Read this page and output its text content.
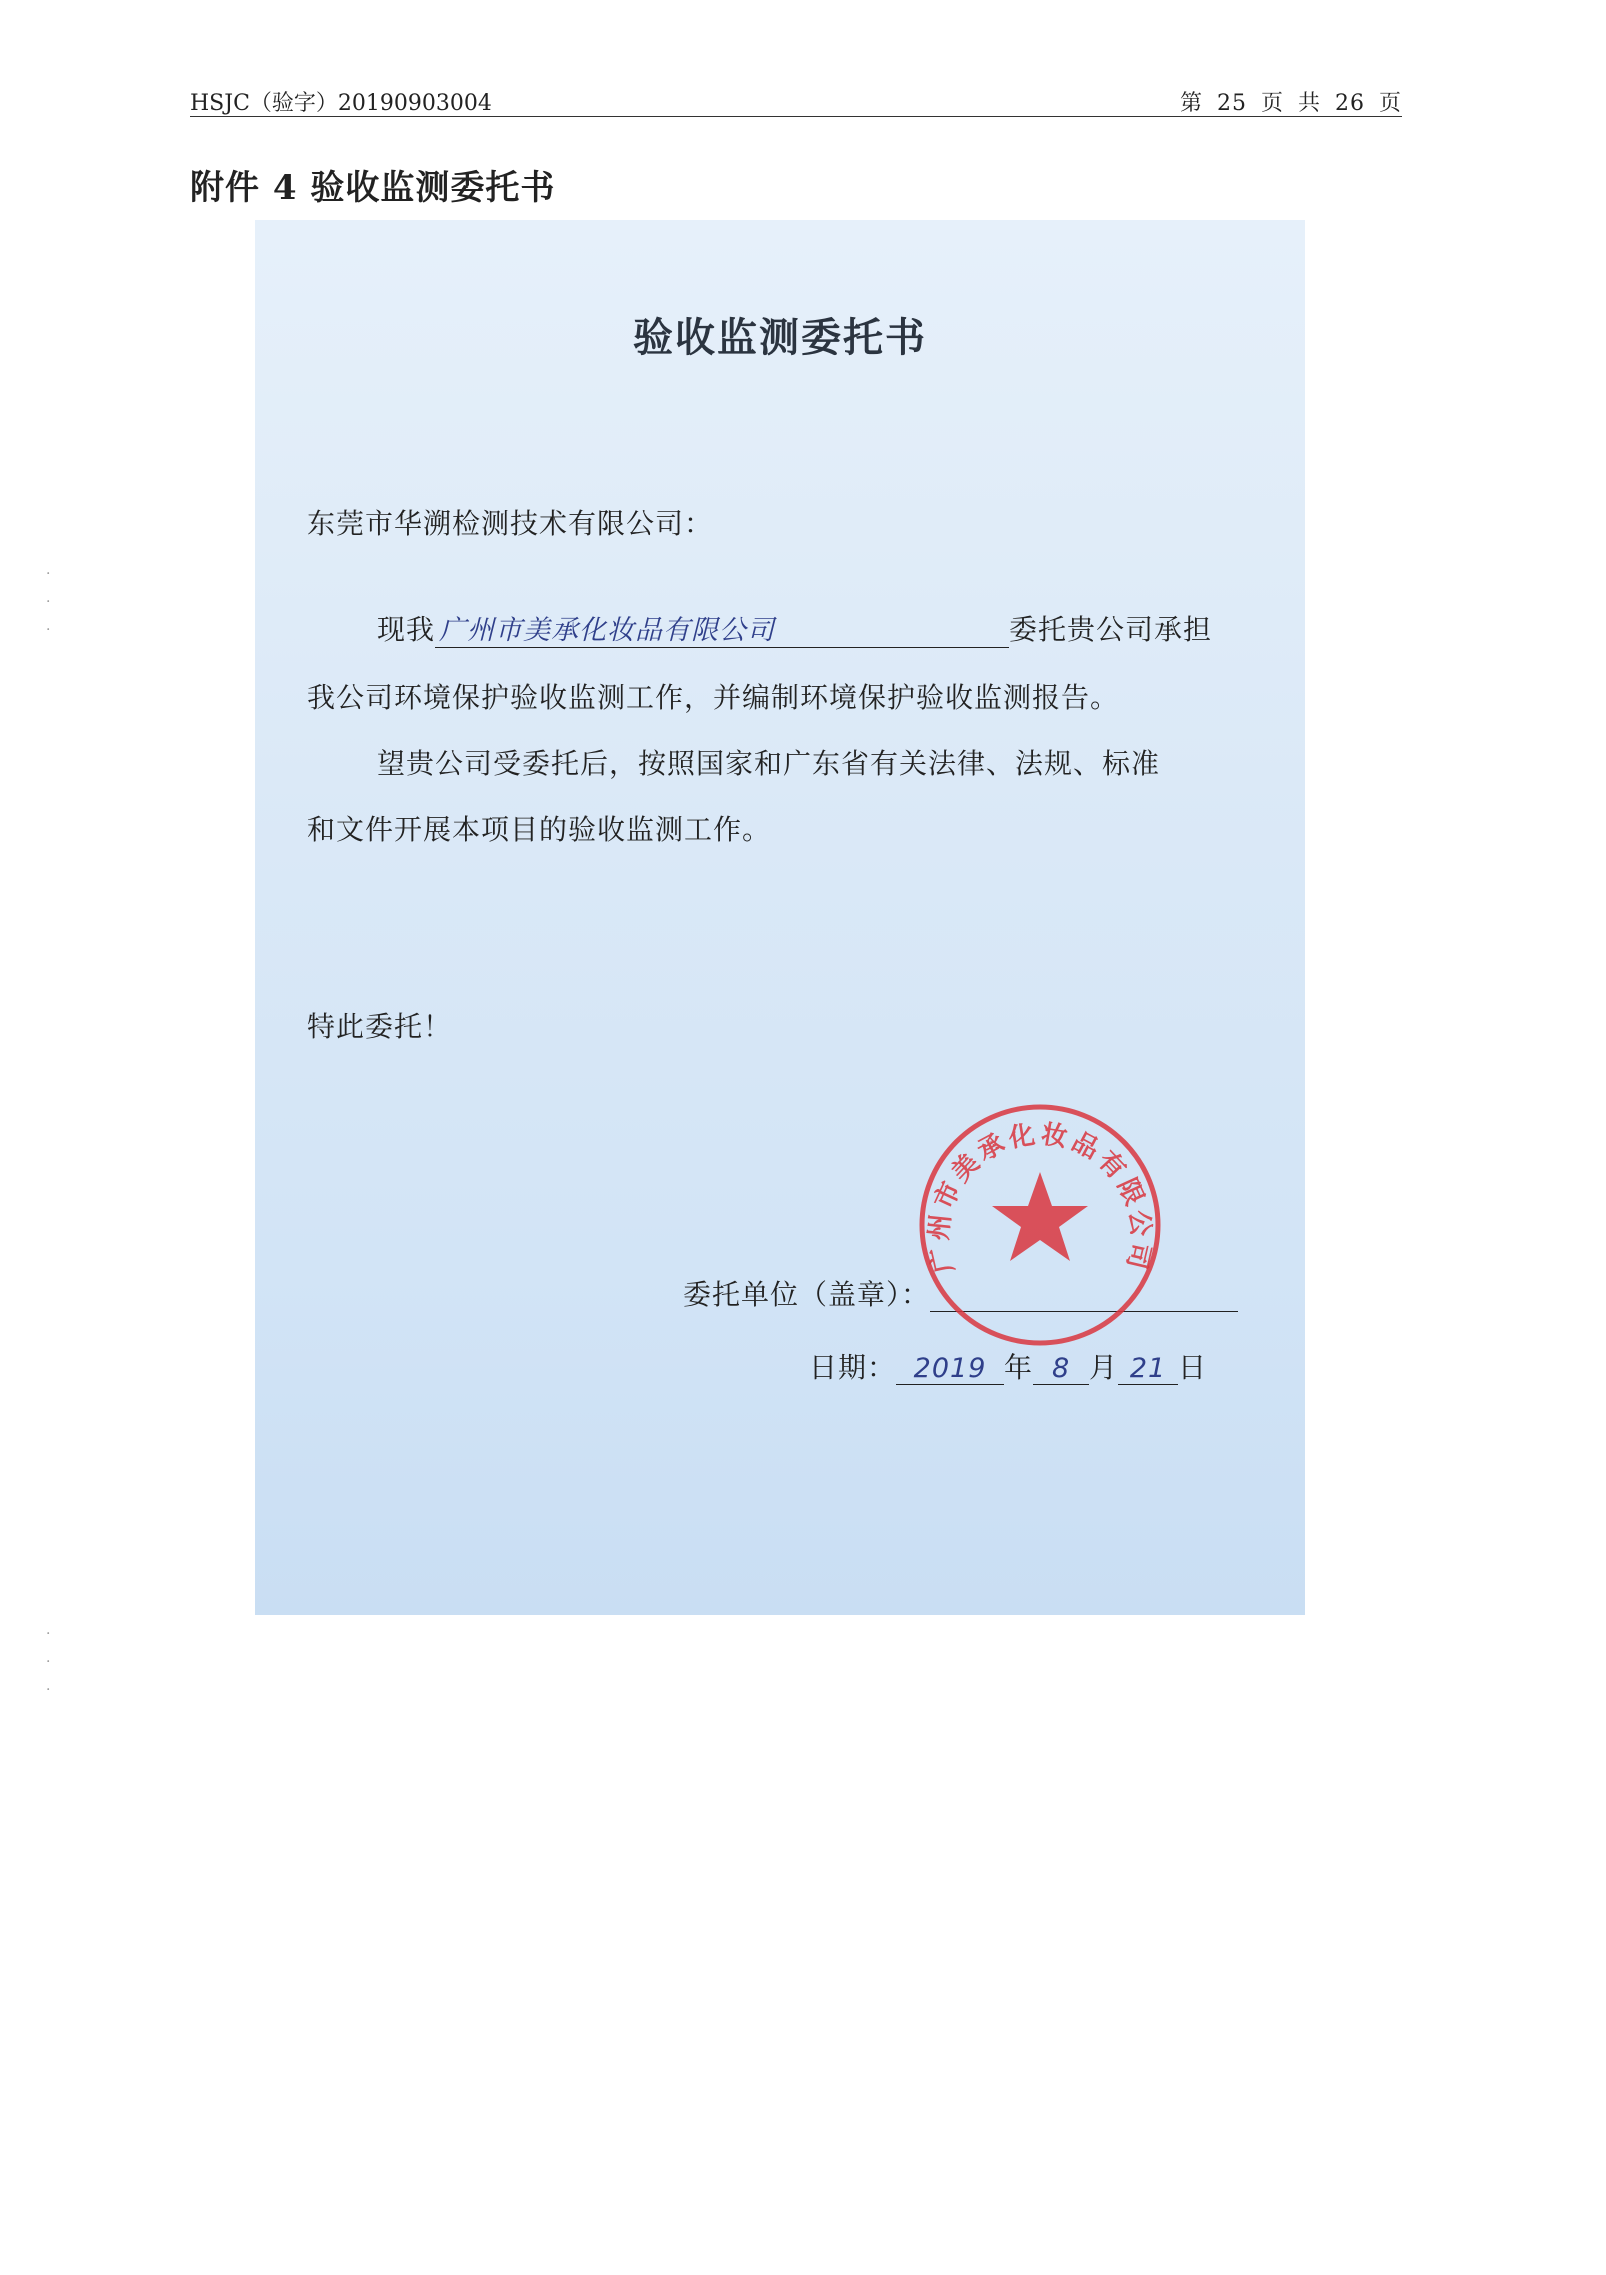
HSJC（验字）20190903004	第 25 页 共 26 页
附件 4 验收监测委托书
·
·
·
·
·
·
验收监测委托书
东莞市华溯检测技术有限公司：
现我 广州市美承化妆品有限公司	委托贵公司承担
我公司环境保护验收监测工作，并编制环境保护验收监测报告。
望贵公司受委托后，按照国家和广东省有关法律、法规、标准
和文件开展本项目的验收监测工作。
特此委托！
委托单位（盖章）：
日期： 2019 年 8 月 21 日
广州市美承化妆品有限公司
